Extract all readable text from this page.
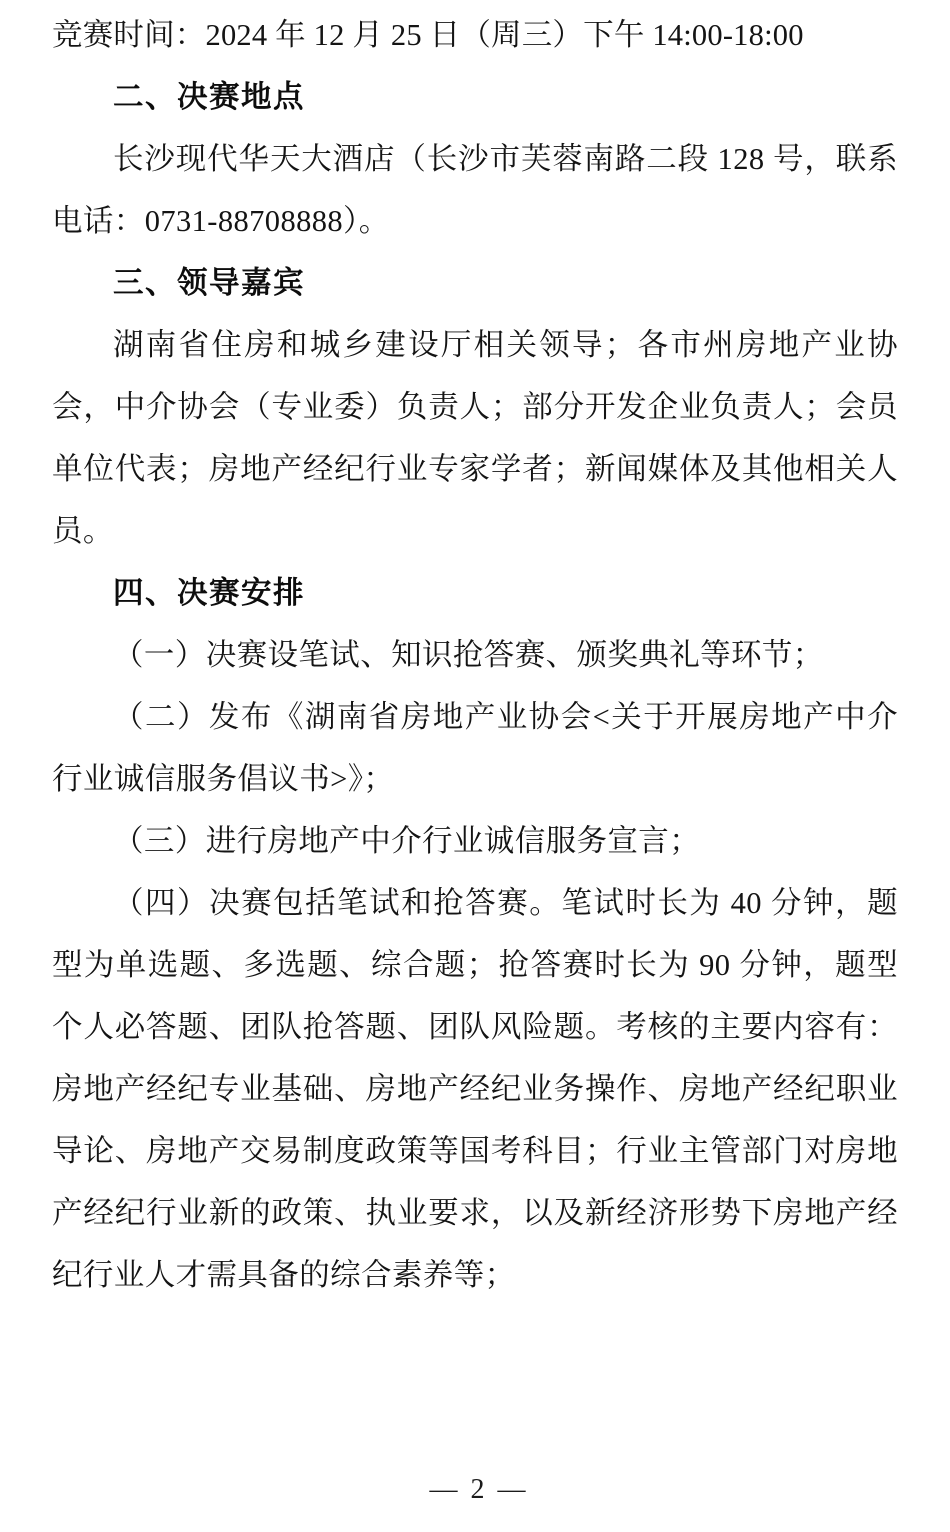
竞赛时间：2024 年 12 月 25 日（周三）下午 14:00-18:00

二、决赛地点

长沙现代华天大酒店（长沙市芙蓉南路二段 128 号，联系电话：0731-88708888）。

三、领导嘉宾

湖南省住房和城乡建设厅相关领导；各市州房地产业协会，中介协会（专业委）负责人；部分开发企业负责人；会员单位代表；房地产经纪行业专家学者；新闻媒体及其他相关人员。

四、决赛安排

（一）决赛设笔试、知识抢答赛、颁奖典礼等环节；

（二）发布《湖南省房地产业协会<关于开展房地产中介行业诚信服务倡议书>》；

（三）进行房地产中介行业诚信服务宣言；

（四）决赛包括笔试和抢答赛。笔试时长为 40 分钟，题型为单选题、多选题、综合题；抢答赛时长为 90 分钟，题型个人必答题、团队抢答题、团队风险题。考核的主要内容有：房地产经纪专业基础、房地产经纪业务操作、房地产经纪职业导论、房地产交易制度政策等国考科目；行业主管部门对房地产经纪行业新的政策、执业要求，以及新经济形势下房地产经纪行业人才需具备的综合素养等；

— 2 —
